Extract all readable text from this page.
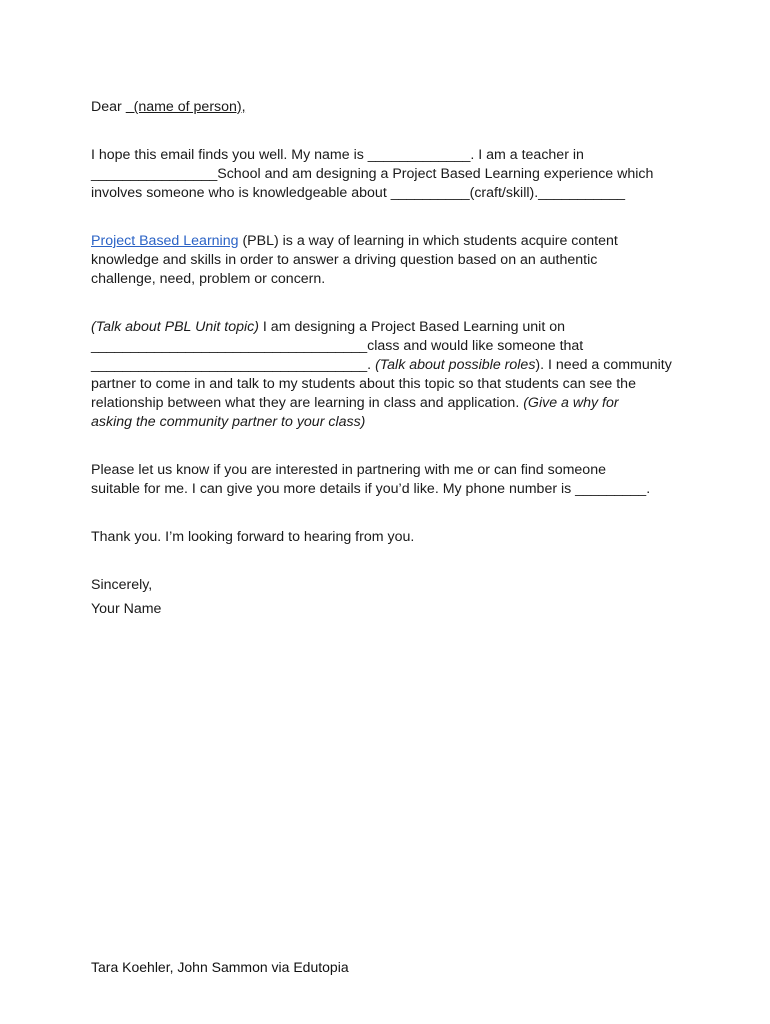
Dear   (name of person),
I hope this email finds you well. My name is _____________. I am a teacher in
________________School and am designing a Project Based Learning experience which
involves someone who is knowledgeable about __________(craft/skill).___________
Project Based Learning (PBL) is a way of learning in which students acquire content
knowledge and skills in order to answer a driving question based on an authentic
challenge, need, problem or concern.
(Talk about PBL Unit topic) I am designing a Project Based Learning unit on
___________________________________class and would like someone that
___________________________________. (Talk about possible roles). I need a community
partner to come in and talk to my students about this topic so that students can see the
relationship between what they are learning in class and application. (Give a why for
asking the community partner to your class)
Please let us know if you are interested in partnering with me or can find someone
suitable for me. I can give you more details if you’d like. My phone number is _________.
Thank you. I’m looking forward to hearing from you.
Sincerely,
Your Name
Tara Koehler, John Sammon via Edutopia
